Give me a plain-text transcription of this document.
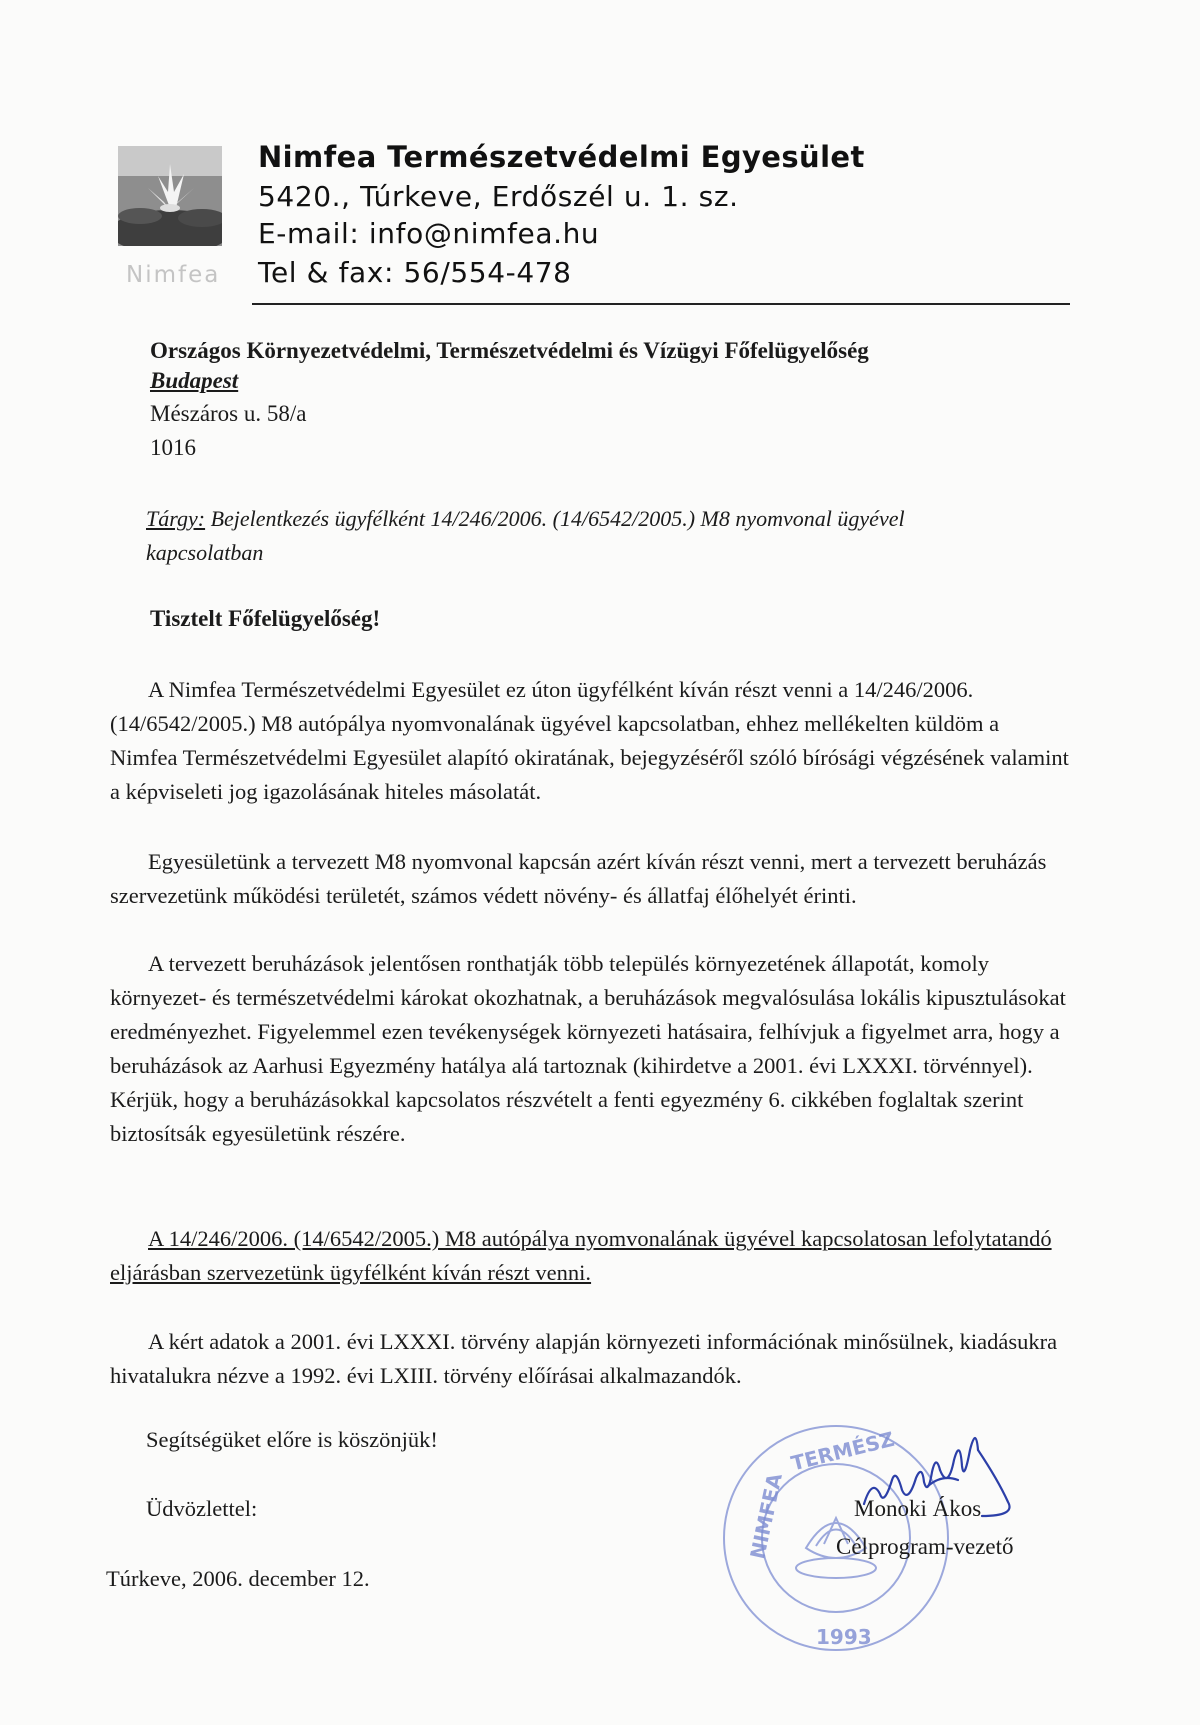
Nimfea
Nimfea Természetvédelmi Egyesület
5420., Túrkeve, Erdőszél u. 1. sz.
E-mail: info@nimfea.hu
Tel & fax: 56/554-478
Országos Környezetvédelmi, Természetvédelmi és Vízügyi Főfelügyelőség
Budapest
Mészáros u. 58/a
1016
Tárgy: Bejelentkezés ügyfélként 14/246/2006. (14/6542/2005.) M8 nyomvonal ügyével kapcsolatban
Tisztelt Főfelügyelőség!
A Nimfea Természetvédelmi Egyesület ez úton ügyfélként kíván részt venni a 14/246/2006. (14/6542/2005.) M8 autópálya nyomvonalának ügyével kapcsolatban, ehhez mellékelten küldöm a Nimfea Természetvédelmi Egyesület alapító okiratának, bejegyzéséről szóló bírósági végzésének valamint a képviseleti jog igazolásának hiteles másolatát.
Egyesületünk a tervezett M8 nyomvonal kapcsán azért kíván részt venni, mert a tervezett beruházás szervezetünk működési területét, számos védett növény- és állatfaj élőhelyét érinti.
A tervezett beruházások jelentősen ronthatják több település környezetének állapotát, komoly környezet- és természetvédelmi károkat okozhatnak, a beruházások megvalósulása lokális kipusztulásokat eredményezhet. Figyelemmel ezen tevékenységek környezeti hatásaira, felhívjuk a figyelmet arra, hogy a beruházások az Aarhusi Egyezmény hatálya alá tartoznak (kihirdetve a 2001. évi LXXXI. törvénnyel). Kérjük, hogy a beruházásokkal kapcsolatos részvételt a fenti egyezmény 6. cikkében foglaltak szerint biztosítsák egyesületünk részére.
A 14/246/2006. (14/6542/2005.) M8 autópálya nyomvonalának ügyével kapcsolatosan lefolytatandó eljárásban szervezetünk ügyfélként kíván részt venni.
A kért adatok a 2001. évi LXXXI. törvény alapján környezeti információnak minősülnek, kiadásukra hivatalukra nézve a 1992. évi LXIII. törvény előírásai alkalmazandók.
Segítségüket előre is köszönjük!
Üdvözlettel:
Túrkeve, 2006. december 12.
TERMÉSZ
NIMFEA
1993
Monoki Ákos
Célprogram-vezető
